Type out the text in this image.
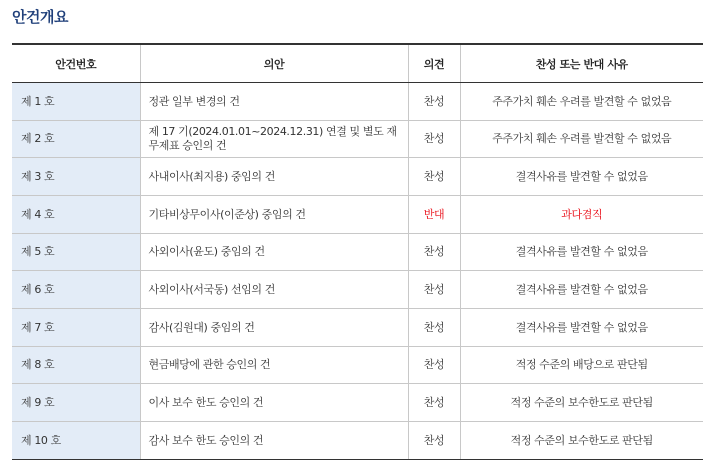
안건개요
안건번호	의안	의견	찬성 또는 반대 사유
제 1 호	정관 일부 변경의 건	찬성	주주가치 훼손 우려를 발견할 수 없었음
제 2 호	제 17 기(2024.01.01~2024.12.31) 연결 및 별도 재무제표 승인의 건	찬성	주주가치 훼손 우려를 발견할 수 없었음
제 3 호	사내이사(최지용) 중임의 건	찬성	결격사유를 발견할 수 없었음
제 4 호	기타비상무이사(이준상) 중임의 건	반대	과다겸직
제 5 호	사외이사(윤도) 중임의 건	찬성	결격사유를 발견할 수 없었음
제 6 호	사외이사(서국동) 선임의 건	찬성	결격사유를 발견할 수 없었음
제 7 호	감사(김원대) 중임의 건	찬성	결격사유를 발견할 수 없었음
제 8 호	현금배당에 관한 승인의 건	찬성	적정 수준의 배당으로 판단됨
제 9 호	이사 보수 한도 승인의 건	찬성	적정 수준의 보수한도로 판단됨
제 10 호	감사 보수 한도 승인의 건	찬성	적정 수준의 보수한도로 판단됨
